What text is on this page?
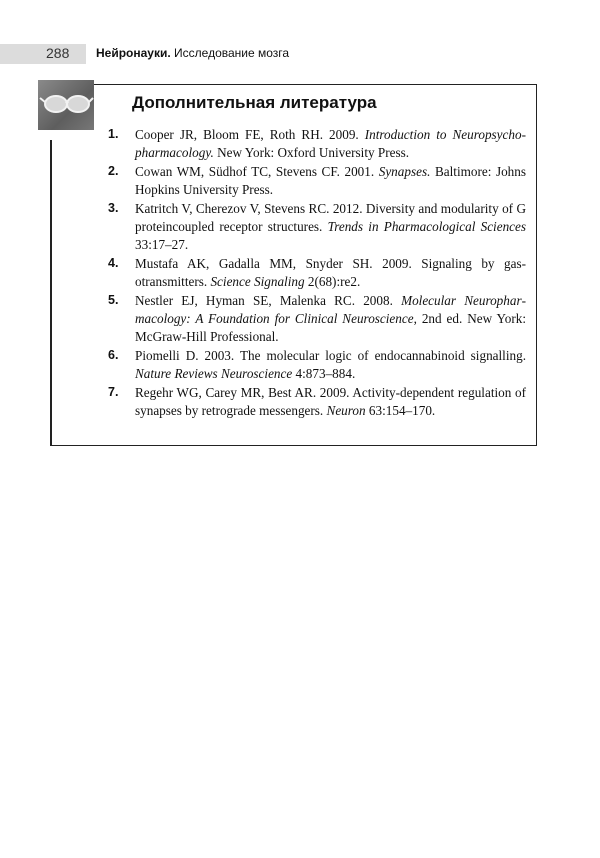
288 Нейронауки. Исследование мозга
Дополнительная литература
1. Cooper JR, Bloom FE, Roth RH. 2009. Introduction to Neuropsychopharmacology. New York: Oxford University Press.
2. Cowan WM, Südhof TC, Stevens CF. 2001. Synapses. Baltimore: Johns Hopkins University Press.
3. Katritch V, Cherezov V, Stevens RC. 2012. Diversity and modularity of G proteincoupled receptor structures. Trends in Pharmacological Sciences 33:17–27.
4. Mustafa AK, Gadalla MM, Snyder SH. 2009. Signaling by gasotransmitters. Science Signaling 2(68):re2.
5. Nestler EJ, Hyman SE, Malenka RC. 2008. Molecular Neuropharmacology: A Foundation for Clinical Neuroscience, 2nd ed. New York: McGraw-Hill Professional.
6. Piomelli D. 2003. The molecular logic of endocannabinoid signalling. Nature Reviews Neuroscience 4:873–884.
7. Regehr WG, Carey MR, Best AR. 2009. Activity-dependent regulation of synapses by retrograde messengers. Neuron 63:154–170.
